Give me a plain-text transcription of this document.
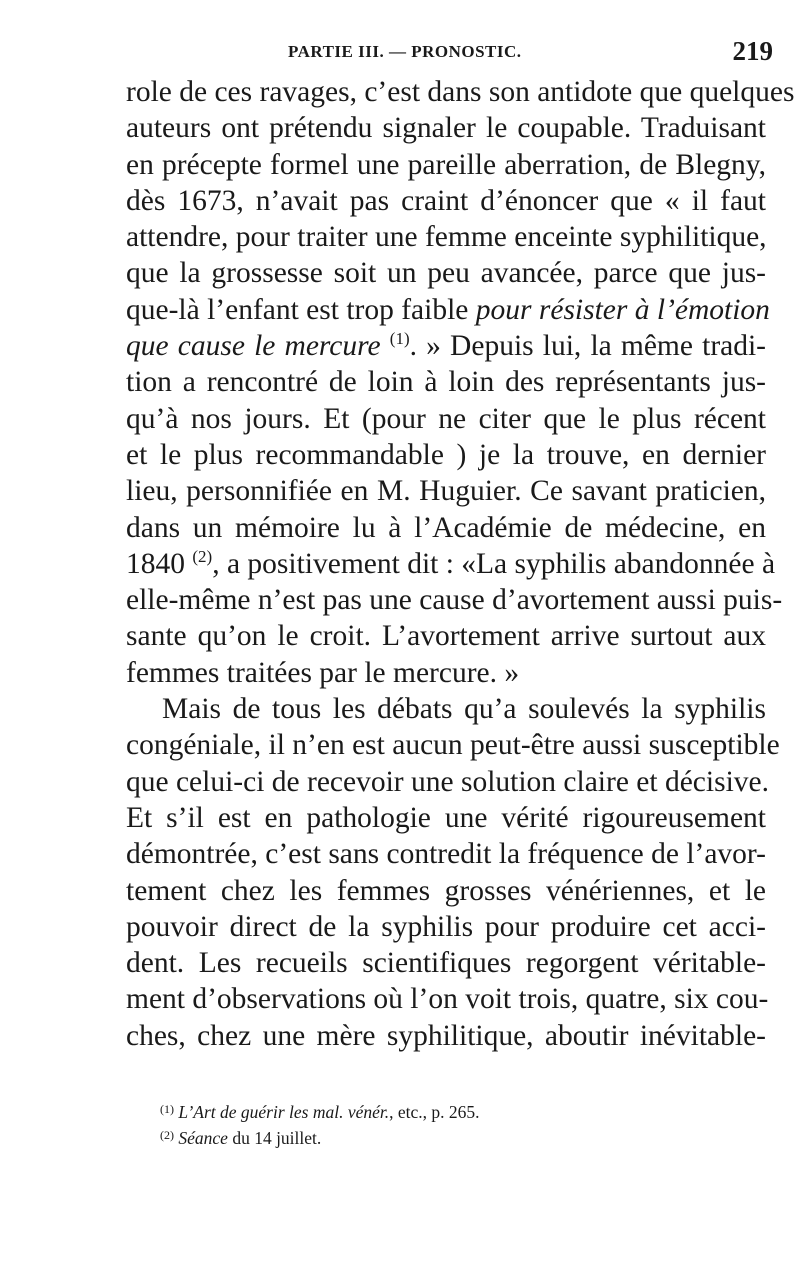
PARTIE III. — PRONOSTIC.	219
role de ces ravages, c’est dans son antidote que quelques
auteurs ont prétendu signaler le coupable. Traduisant
en précepte formel une pareille aberration, de Blegny,
dès 1673, n’avait pas craint d’énoncer que « il faut
attendre, pour traiter une femme enceinte syphilitique,
que la grossesse soit un peu avancée, parce que jus-
que-là l’enfant est trop faible pour résister à l’émotion
que cause le mercure $^{(1)}$. » Depuis lui, la même tradi-
tion a rencontré de loin à loin des représentants jus-
qu’à nos jours. Et (pour ne citer que le plus récent
et le plus recommandable ) je la trouve, en dernier
lieu, personnifiée en M. Huguier. Ce savant praticien,
dans un mémoire lu à l’Académie de médecine, en
1840 $^{(2)}$, a positivement dit : «La syphilis abandonnée à
elle-même n’est pas une cause d’avortement aussi puis-
sante qu’on le croit. L’avortement arrive surtout aux
femmes traitées par le mercure. »
Mais de tous les débats qu’a soulevés la syphilis
congéniale, il n’en est aucun peut-être aussi susceptible
que celui-ci de recevoir une solution claire et décisive.
Et s’il est en pathologie une vérité rigoureusement
démontrée, c’est sans contredit la fréquence de l’avor-
tement chez les femmes grosses vénériennes, et le
pouvoir direct de la syphilis pour produire cet acci-
dent. Les recueils scientifiques regorgent véritable-
ment d’observations où l’on voit trois, quatre, six cou-
ches, chez une mère syphilitique, aboutir inévitable-
$^{(1)}$ L’Art de guérir les mal. vénér., etc., p. 265.
$^{(2)}$ Séance du 14 juillet.
